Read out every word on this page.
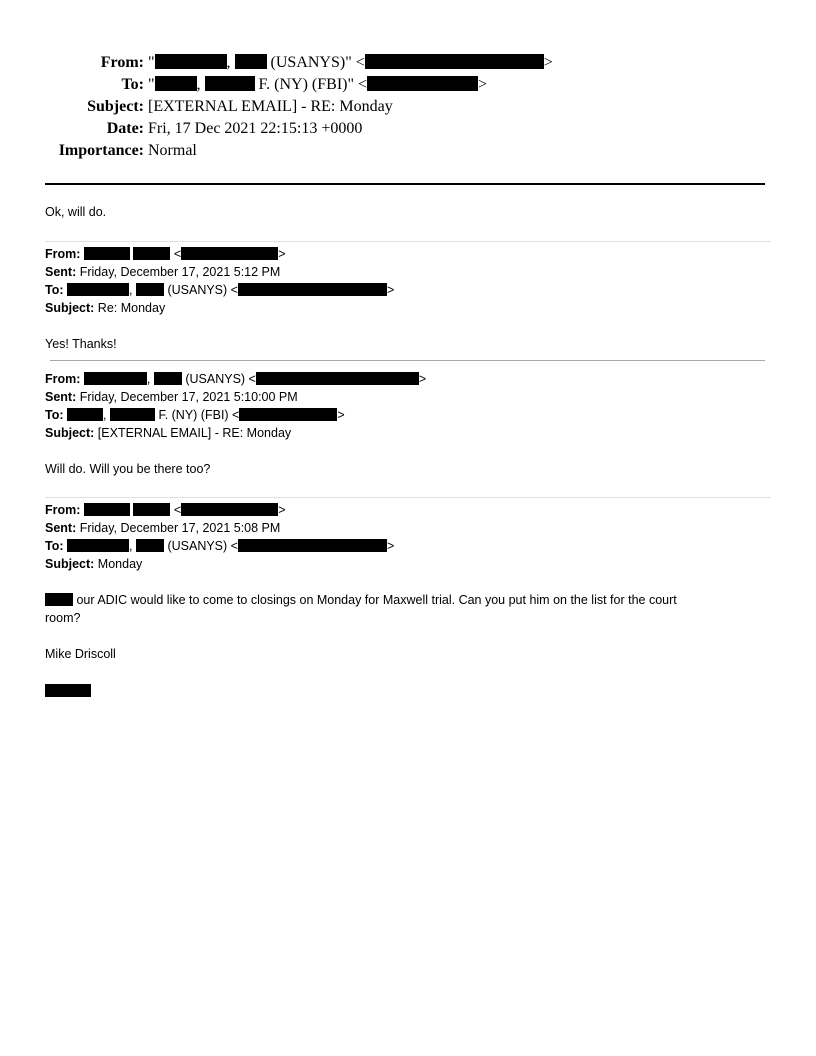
From: "	,	(USANYS)" <	>
To: "	,	F. (NY) (FBI)" <	>
Subject: [EXTERNAL EMAIL] - RE: Monday
Date: Fri, 17 Dec 2021 22:15:13 +0000
Importance: Normal
Ok, will do.
From:	<	>
Sent: Friday, December 17, 2021 5:12 PM
To:	,	(USANYS) <	>
Subject: Re: Monday
Yes! Thanks!
From:	,	(USANYS) <	>
Sent: Friday, December 17, 2021 5:10:00 PM
To:	,	F. (NY) (FBI) <	>
Subject: [EXTERNAL EMAIL] - RE: Monday
Will do. Will you be there too?
From:	<	>
Sent: Friday, December 17, 2021 5:08 PM
To:	,	(USANYS) <	>
Subject: Monday
our ADIC would like to come to closings on Monday for Maxwell trial. Can you put him on the list for the court
room?
Mike Driscoll
